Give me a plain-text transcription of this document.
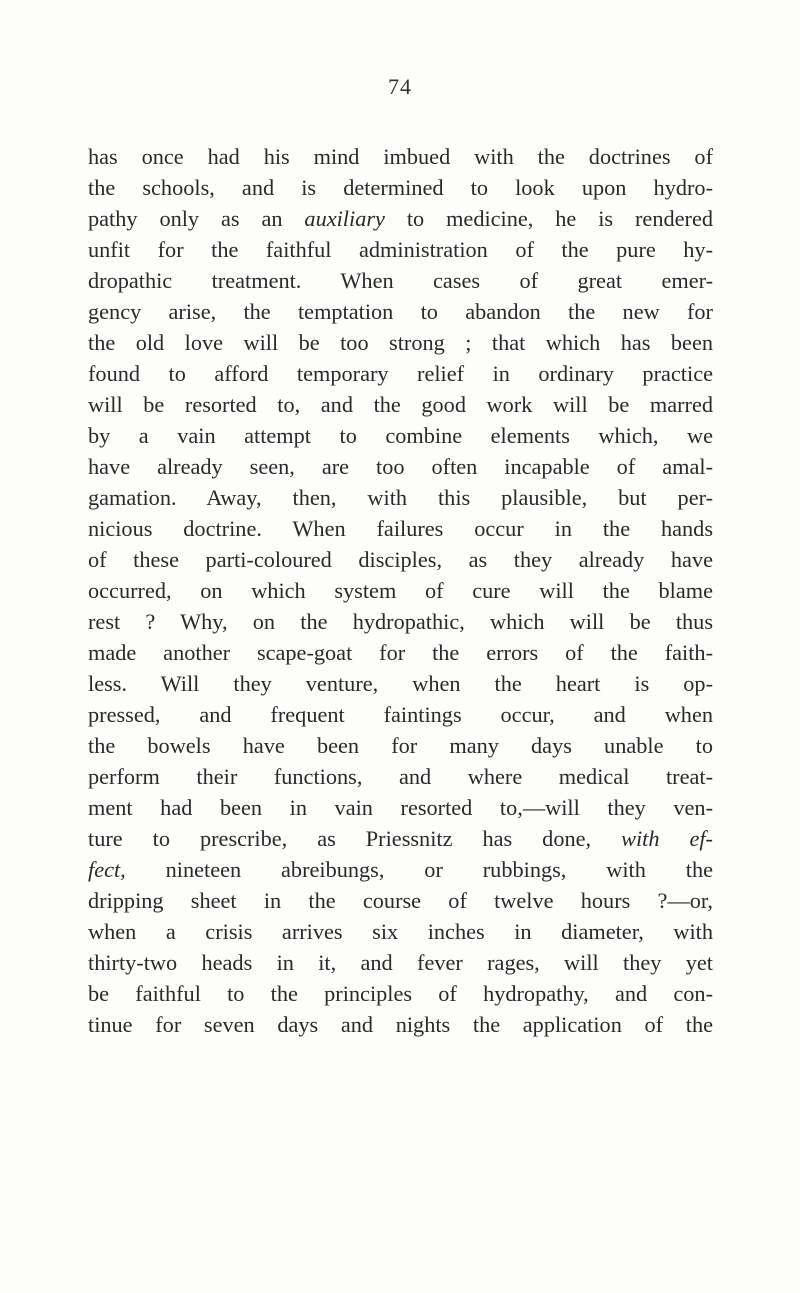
74
has once had his mind imbued with the doctrines of
the schools, and is determined to look upon hydro-
pathy only as an auxiliary to medicine, he is rendered
unfit for the faithful administration of the pure hy-
dropathic treatment. When cases of great emer-
gency arise, the temptation to abandon the new for
the old love will be too strong ; that which has been
found to afford temporary relief in ordinary practice
will be resorted to, and the good work will be marred
by a vain attempt to combine elements which, we
have already seen, are too often incapable of amal-
gamation. Away, then, with this plausible, but per-
nicious doctrine. When failures occur in the hands
of these parti-coloured disciples, as they already have
occurred, on which system of cure will the blame
rest ? Why, on the hydropathic, which will be thus
made another scape-goat for the errors of the faith-
less. Will they venture, when the heart is op-
pressed, and frequent faintings occur, and when
the bowels have been for many days unable to
perform their functions, and where medical treat-
ment had been in vain resorted to,—will they ven-
ture to prescribe, as Priessnitz has done, with ef-
fect, nineteen abreibungs, or rubbings, with the
dripping sheet in the course of twelve hours ?—or,
when a crisis arrives six inches in diameter, with
thirty-two heads in it, and fever rages, will they yet
be faithful to the principles of hydropathy, and con-
tinue for seven days and nights the application of the
